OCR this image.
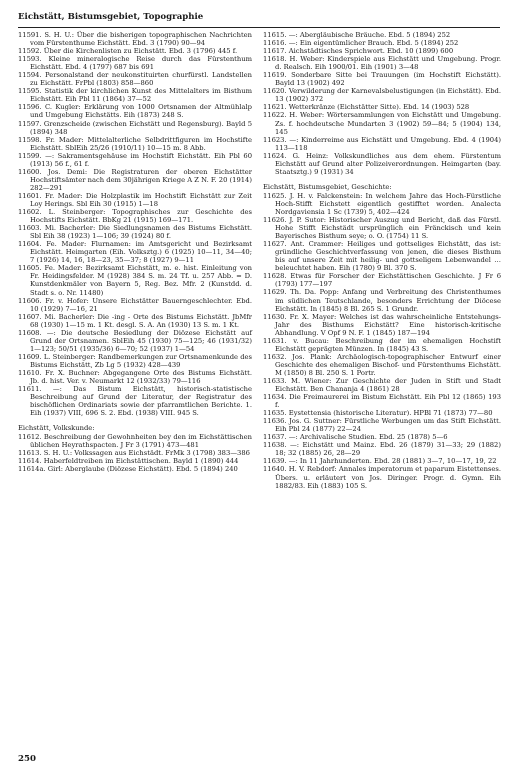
Eichstätt, Bistumsgebiet, Topographie
11591. S. H. U.: Über die bisherigen topographischen Nachrichten vom Fürstenthume Eichstätt. Ebd. 3 (1790) 90—94
11592. Über die Kirchenlisten zu Eichstätt. Ebd. 3 (1796) 445 f.
11593. Kleine mineralogische Reise durch das Fürstenthum Eichstätt. Ebd. 4 (1797) 687 bis 691
11594. Personalstand der neukonstituirten churfürstl. Landstellen zu Eichstätt. FrPbl (1803) 858—860
11595. Statistik der kirchlichen Kunst des Mittelalters im Bisthum Eichstätt. Eih Pbl 11 (1864) 37—52
11596. C. Kugler: Erklärung von 1000 Ortsnamen der Altmühlalp und Umgebung Eichstätts. Eih (1873) 248 S.
11597. Grenzscheide (zwischen Eichstätt und Regensburg). Bayld 5 (1894) 348
11598. Fr. Mader: Mittelalterliche Selbdrittfiguren im Hochstifte Eichstätt. SblEih 25/26 (1910/11) 10—15 m. 8 Abb.
11599. —: Sakramentsgehäuse im Hochstift Eichstätt. Eih Pbl 60 (1913) 56 f., 61 f.
11600. Jos. Demi: Die Registraturen der oberen Eichstätter Hochstiftsämter nach dem 30jährigen Kriege A Z N. F. 20 (1914) 282—291
11601. Fr. Mader: Die Holzplastik im Hochstift Eichstätt zur Zeit Loy Herings. Sbl Eih 30 (1915) 1—18
11602. L. Steinberger: Topographisches zur Geschichte des Hochstifts Eichstätt. BbKg 21 (1915) 169—171.
11603. Mi. Bacherler: Die Siedlungsnamen des Bistums Eichstätt. Sbl Eih 38 (1923) 1—106; 39 (1924) 80 f.
11604. Fe. Mader: Flurnamen: im Amtsgericht und Bezirksamt Eichstätt. Heimgarten (Eih. Volksztg.) 6 (1925) 10—11, 34—40; 7 (1926) 14, 16, 18—23, 35—37; 8 (1927) 9—11
11605. Fe. Mader: Bezirksamt Eichstätt, m. e. hist. Einleitung von Fr. Heidingsfelder. M (1928) 384 S. m. 24 Tf. u. 257 Abb. = D. Kunstdenkmäler von Bayern 5, Reg. Bez. Mfr. 2 (Kunstdd. d. Stadt s. o. Nr. 11480)
11606. Fr. v. Hofer: Unsere Eichstätter Bauerngeschlechter. Ebd. 10 (1929) 7—16, 21
11607. Mi. Bacherler: Die -ing - Orte des Bistums Eichstätt. JbMfr 68 (1930) 1—15 m. 1 Kt. desgl. S. A. An (1930) 13 S. m. 1 Kt.
11608. —: Die deutsche Besiedlung der Diözese Eichstätt auf Grund der Ortsnamen. SblEih 45 (1930) 75—125; 46 (1931/32) 1—123; 50/51 (1935/36) 6—70; 52 (1937) 1—54
11609. L. Steinberger: Randbemerkungen zur Ortsnamenkunde des Bistums Eichstätt, Zb Lg 5 (1932) 428—439
11610. Fr. X. Buchner: Abgegangene Orte des Bistums Eichstätt. Jb. d. hist. Ver. v. Neumarkt 12 (1932/33) 79—116
11611. —: Das Bistum Eichstätt, historisch-statistische Beschreibung auf Grund der Literatur, der Registratur des bischöflichen Ordinariats sowie der pfarramtlichen Berichte. 1. Eih (1937) VIII, 696 S. 2. Ebd. (1938) VIII. 945 S.
Eichstätt, Volkskunde:
11612. Beschreibung der Gewohnheiten bey den im Eichstättischen üblichen Heyrathspacten. J Fr 3 (1791) 473—481
11613. S. H. U.: Volkssagen aus Eichstädt. FrMk 3 (1798) 383—386
11614. Haberfeldtreiben im Eichstättischen. Bayld 1 (1890) 444
11614a. Girl: Aberglaube (Diözese Eichstätt). Ebd. 5 (1894) 240
11615. —: Abergläubische Bräuche. Ebd. 5 (1894) 252
11616. —: Ein eigentümlicher Brauch. Ebd. 5 (1894) 252
11617. Aichstädtisches Sprichwort. Ebd. 10 (1899) 600
11618. H. Weber: Kinderspiele aus Eichstätt und Umgebung. Progr. d. Realsch. Eih 1900/01. Eih (1901) 3—48
11619. Sonderbare Sitte bei Trauungen (im Hochstift Eichstätt). Bayld 13 (1902) 492
11620. Verwilderung der Karnevalsbelustigungen (in Eichstätt). Ebd. 13 (1902) 372
11621. Wetterkränze (Eichstätter Sitte). Ebd. 14 (1903) 528
11622. H. Weber: Wörtersammlungen von Eichstätt und Umgebung. Zs. f. hochdeutsche Mundarten 3 (1902) 59—84; 5 (1904) 134, 145
11623. —: Kinderreime aus Eichstätt und Umgebung. Ebd. 4 (1904) 113—118
11624. G. Heinz: Volkskundliches aus dem ehem. Fürstentum Eichstätt auf Grund alter Polizeiverordnungen. Heimgarten (bay. Staatsztg.) 9 (1931) 34
Eichstätt, Bistumsgebiet, Geschichte:
11625. J. H. v. Falckenstein: In welchem Jahre das Hoch-Fürstliche Hoch-Stifft Eichstett eigentlich gestifftet worden. Analecta Nordgaviensia 1 Sc (1739) 5, 402—424
11626. J. P. Sutor: Historischer Auszug und Bericht, daß das Fürstl. Hohe Stifft Eichstädt ursprünglich ein Fränckisch und kein Bayerisches Bisthum seye; o. O. (1754) 11 S.
11627. Ant. Crammer: Heiliges und gottseliges Eichstätt, das ist: gründliche Geschichtverfassung von jenen, die dieses Bisthum bis auf unsere Zeit mit heilig- und gottseligem Lebenwandel … beleuchtet haben. Eih (1780) 9 Bl. 370 S.
11628. Etwas für Forscher der Eichstättischen Geschichte. J Fr 6 (1793) 177—197
11629. Th. Da. Popp: Anfang und Verbreitung des Christenthumes im südlichen Teutschlande, besonders Errichtung der Diöcese Eichstätt. In (1845) 8 Bl. 265 S. 1 Grundr.
11630. Fr. X. Mayer: Welches ist das wahrscheinliche Entstehungs-Jahr des Bisthums Eichstätt? Eine historisch-kritische Abhandlung. V Opf 9 N. F. 1 (1845) 187—194
11631. v. Bucau: Beschreibung der im ehemaligen Hochstift Eichstätt geprägten Münzen. In (1845) 43 S.
11632. Jos. Plank: Archäologisch-topographischer Entwurf einer Geschichte des ehemaligen Bischof- und Fürstenthums Eichstätt. M (1850) 8 Bl. 250 S. 1 Portr.
11633. M. Wiener: Zur Geschichte der Juden in Stift und Stadt Eichstätt. Ben Chananja 4 (1861) 28
11634. Die Freimaurerei im Bistum Eichstätt. Eih Pbl 12 (1865) 193 f.
11635. Eystettensia (historische Literatur). HPBl 71 (1873) 77—80
11636. Jos. G. Suttner: Fürstliche Werbungen um das Stift Eichstätt. Eih Pbl 24 (1877) 22—24
11637. —: Archivalische Studien. Ebd. 25 (1878) 5—6
11638. —: Eichstätt und Mainz. Ebd. 26 (1879) 31—33; 29 (1882) 18; 32 (1885) 26, 28—29
11639. —: In 11 Jahrhunderten. Ebd. 28 (1881) 3—7, 10—17, 19, 22
11640. H. V. Rebdorf: Annales imperatorum et paparum Eistettenses. Übers. u. erläutert von Jos. Diringer. Progr. d. Gymn. Eih 1882/83. Eih (1883) 105 S.
250
